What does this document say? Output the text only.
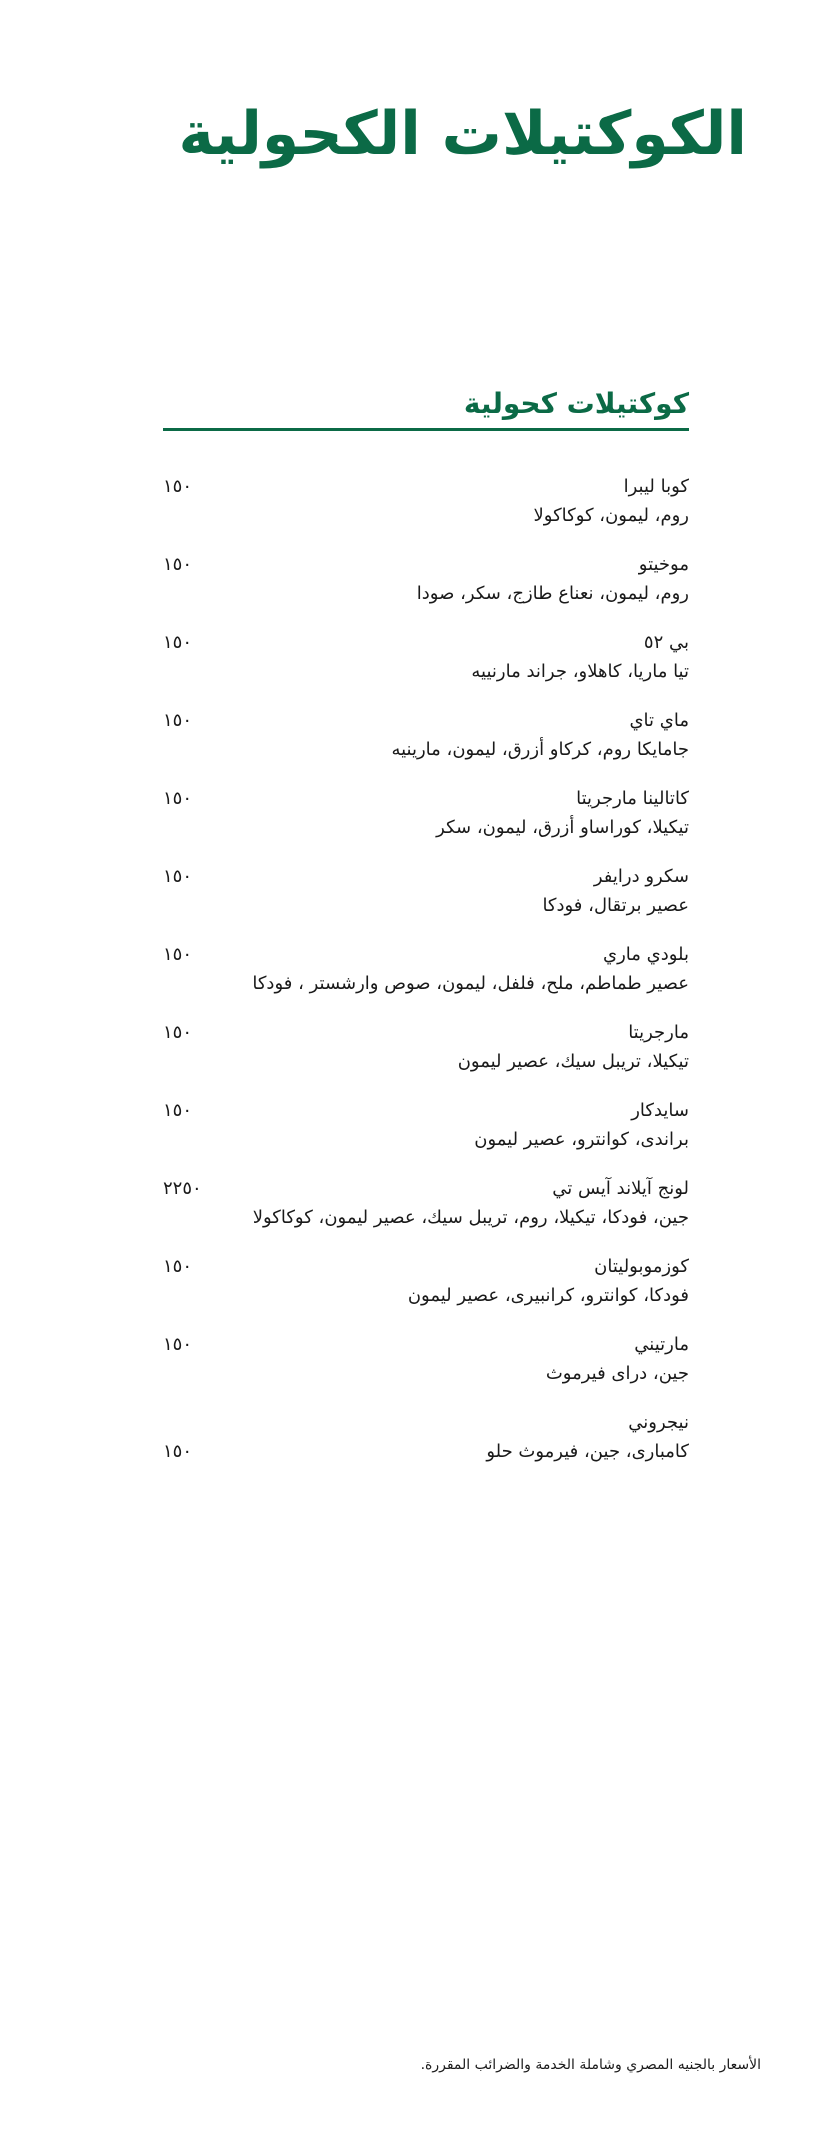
الكوكتيلات الكحولية
كوكتيلات كحولية
كوبا ليبرا
روم، ليمون، كوكاكولا
١٥٠
موخيتو
روم، ليمون، نعناع طازج، سكر، صودا
١٥٠
بي ٥٢
تيا ماريا، كاهلاو، جراند مارنييه
١٥٠
ماي تاي
جامايكا روم، كركاو أزرق، ليمون، مارينيه
١٥٠
كاتالينا مارجريتا
تيكيلا، كوراساو أزرق، ليمون، سكر
١٥٠
سكرو درايفر
عصير برتقال، فودكا
١٥٠
بلودي ماري
عصير طماطم، ملح، فلفل، ليمون، صوص وارشستر ، فودكا
١٥٠
مارجريتا
تيكيلا، تريبل سيك، عصير ليمون
١٥٠
سايدكار
براندى، كوانترو، عصير ليمون
١٥٠
لونج آيلاند آيس تي
جين، فودكا، تيكيلا، روم، تريبل سيك، عصير ليمون، كوكاكولا
٢٢٥٠
كوزموبوليتان
فودكا، كوانترو، كرانبيرى، عصير ليمون
١٥٠
مارتيني
جين، دراى فيرموث
١٥٠
نيجروني
كامبارى، جين، فيرموث حلو
١٥٠
الأسعار بالجنيه المصري وشاملة الخدمة والضرائب المقررة.
